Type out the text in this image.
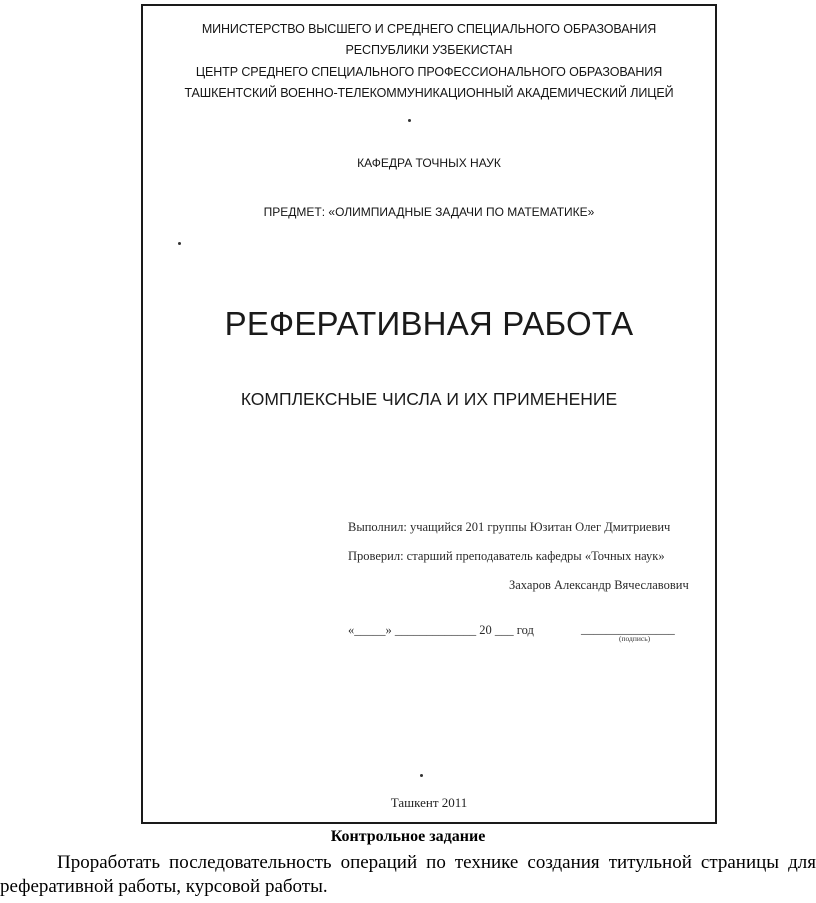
МИНИСТЕРСТВО ВЫСШЕГО И СРЕДНЕГО СПЕЦИАЛЬНОГО ОБРАЗОВАНИЯ
РЕСПУБЛИКИ УЗБЕКИСТАН
ЦЕНТР СРЕДНЕГО СПЕЦИАЛЬНОГО ПРОФЕССИОНАЛЬНОГО ОБРАЗОВАНИЯ
ТАШКЕНТСКИЙ ВОЕННО-ТЕЛЕКОММУНИКАЦИОННЫЙ АКАДЕМИЧЕСКИЙ ЛИЦЕЙ
КАФЕДРА ТОЧНЫХ НАУК
ПРЕДМЕТ: «ОЛИМПИАДНЫЕ ЗАДАЧИ ПО МАТЕМАТИКЕ»
РЕФЕРАТИВНАЯ РАБОТА
КОМПЛЕКСНЫЕ ЧИСЛА И ИХ ПРИМЕНЕНИЕ
Выполнил: учащийся 201 группы Юзитан Олег Дмитриевич
Проверил: старший преподаватель кафедры «Точных наук»
Захаров Александр Вячеславович
«_____» _____________ 20 ___ год	_______________
(подпись)
Ташкент 2011
Контрольное задание
Проработать последовательность операций по технике создания титульной страницы для реферативной работы, курсовой работы.
